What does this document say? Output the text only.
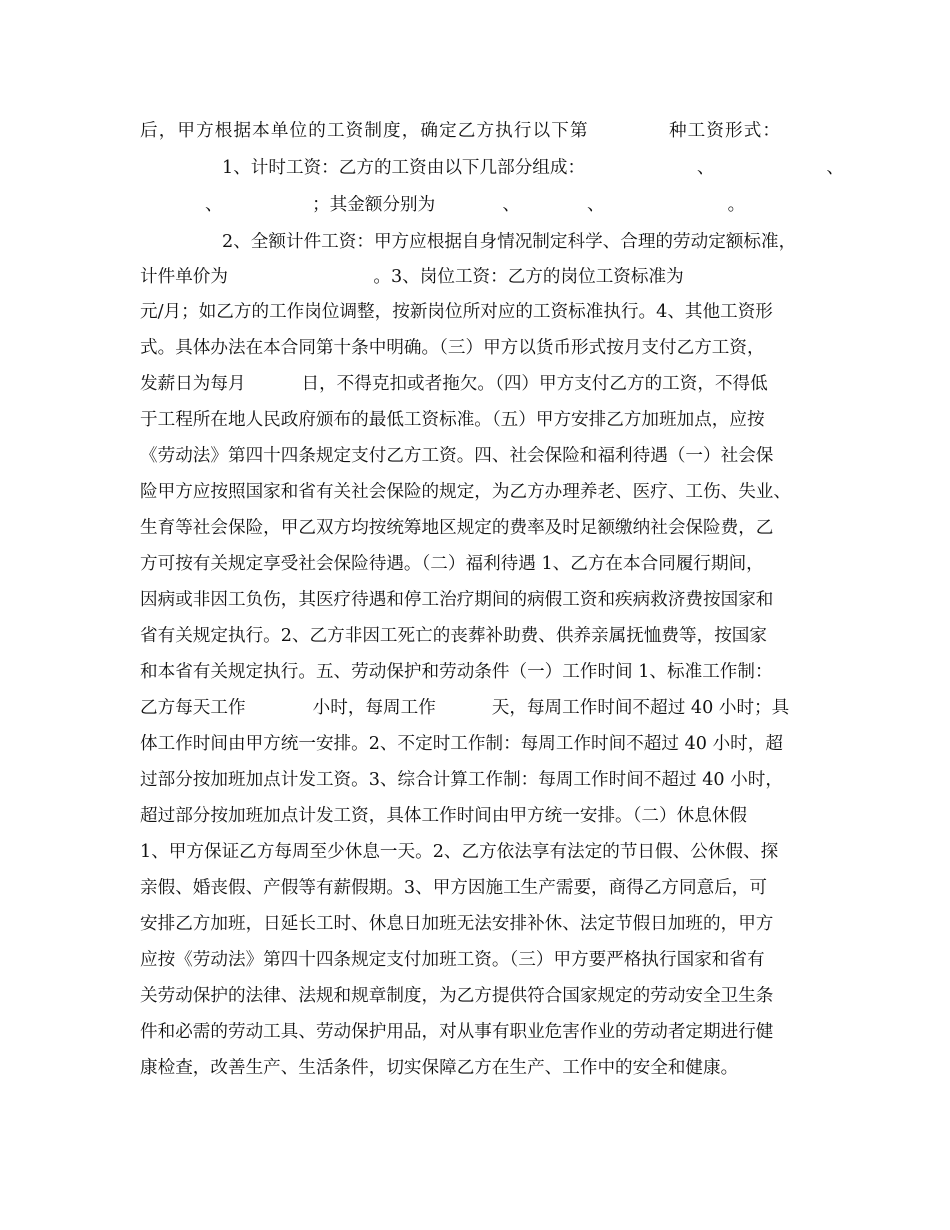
后，甲方根据本单位的工资制度，确定乙方执行以下第            种工资形式：
1、计时工资：乙方的工资由以下几部分组成：                    、                    、
、                ；其金额分别为            、            、                      。
2、全额计件工资：甲方应根据自身情况制定科学、合理的劳动定额标准，
计件单价为                          。3、岗位工资：乙方的岗位工资标准为
元/月；如乙方的工作岗位调整，按新岗位所对应的工资标准执行。4、其他工资形
式。具体办法在本合同第十条中明确。（三）甲方以货币形式按月支付乙方工资，
发薪日为每月          日，不得克扣或者拖欠。（四）甲方支付乙方的工资，不得低
于工程所在地人民政府颁布的最低工资标准。（五）甲方安排乙方加班加点，应按
《劳动法》第四十四条规定支付乙方工资。四、社会保险和福利待遇（一）社会保
险甲方应按照国家和省有关社会保险的规定，为乙方办理养老、医疗、工伤、失业、
生育等社会保险，甲乙双方均按统筹地区规定的费率及时足额缴纳社会保险费，乙
方可按有关规定享受社会保险待遇。（二）福利待遇 1、乙方在本合同履行期间，
因病或非因工负伤，其医疗待遇和停工治疗期间的病假工资和疾病救济费按国家和
省有关规定执行。2、乙方非因工死亡的丧葬补助费、供养亲属抚恤费等，按国家
和本省有关规定执行。五、劳动保护和劳动条件（一）工作时间 1、标准工作制：
乙方每天工作            小时，每周工作          天，每周工作时间不超过 40 小时；具
体工作时间由甲方统一安排。2、不定时工作制：每周工作时间不超过 40 小时，超
过部分按加班加点计发工资。3、综合计算工作制：每周工作时间不超过 40 小时，
超过部分按加班加点计发工资，具体工作时间由甲方统一安排。（二）休息休假
1、甲方保证乙方每周至少休息一天。2、乙方依法享有法定的节日假、公休假、探
亲假、婚丧假、产假等有薪假期。3、甲方因施工生产需要，商得乙方同意后，可
安排乙方加班，日延长工时、休息日加班无法安排补休、法定节假日加班的，甲方
应按《劳动法》第四十四条规定支付加班工资。（三）甲方要严格执行国家和省有
关劳动保护的法律、法规和规章制度，为乙方提供符合国家规定的劳动安全卫生条
件和必需的劳动工具、劳动保护用品，对从事有职业危害作业的劳动者定期进行健
康检查，改善生产、生活条件，切实保障乙方在生产、工作中的安全和健康。
